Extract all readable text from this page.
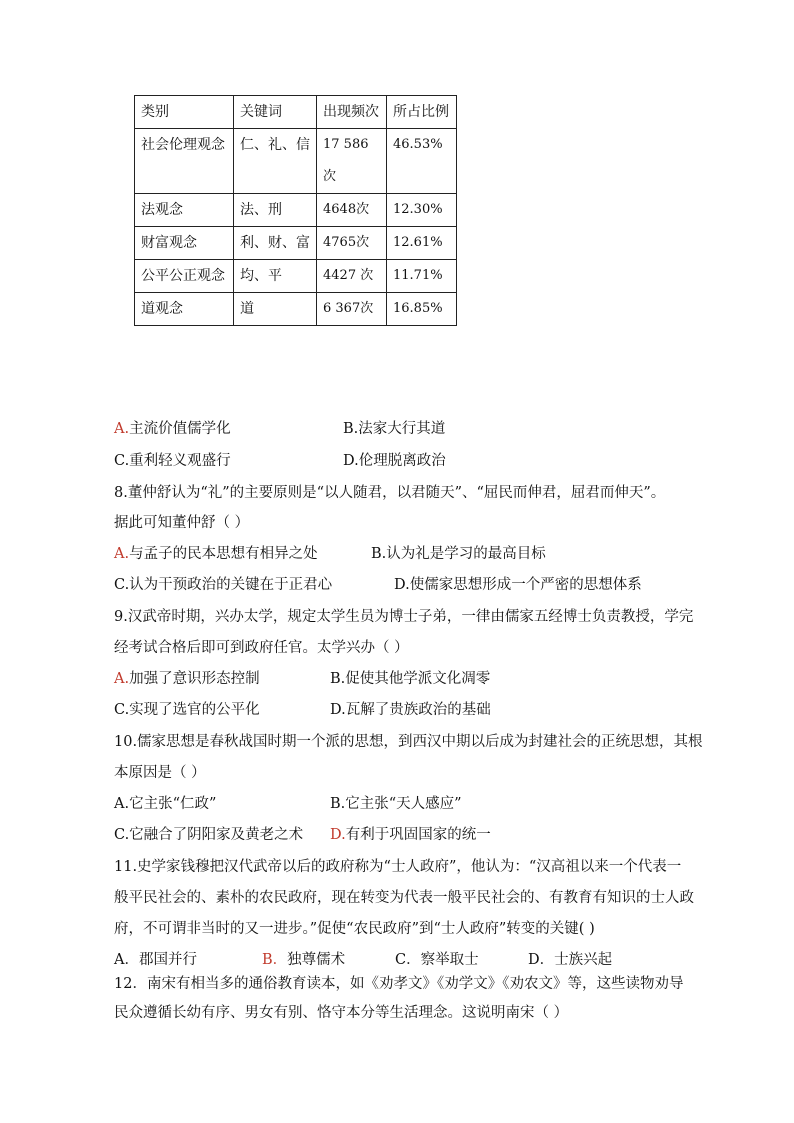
类别	关键词	出现频次	所占比例
社会伦理观念	仁、礼、信	17 586次	46.53%
法观念	法、刑	4648次	12.30%
财富观念	利、财、富	4765次	12.61%
公平公正观念	均、平	4427 次	11.71%
道观念	道	6 367次	16.85%
A.主流价值儒学化	B.法家大行其道
C.重利轻义观盛行	D.伦理脱离政治
8.董仲舒认为“礼”的主要原则是“以人随君，以君随天”、“屈民而伸君，屈君而伸天”。
据此可知董仲舒（ ）
A.与孟子的民本思想有相异之处	B.认为礼是学习的最高目标
C.认为干预政治的关键在于正君心	D.使儒家思想形成一个严密的思想体系
9.汉武帝时期，兴办太学，规定太学生员为博士子弟，一律由儒家五经博士负责教授，学完
经考试合格后即可到政府任官。太学兴办（ ）
A.加强了意识形态控制	B.促使其他学派文化凋零
C.实现了选官的公平化	D.瓦解了贵族政治的基础
10.儒家思想是春秋战国时期一个派的思想，到西汉中期以后成为封建社会的正统思想，其根
本原因是（ ）
A.它主张“仁政”	B.它主张“天人感应”
C.它融合了阴阳家及黄老之术 D.有利于巩固国家的统一
11.史学家钱穆把汉代武帝以后的政府称为“士人政府”，他认为：“汉高祖以来一个代表一
般平民社会的、素朴的农民政府，现在转变为代表一般平民社会的、有教育有知识的士人政
府，不可谓非当时的又一进步。”促使“农民政府”到“士人政府”转变的关键( )
A．郡国并行	B．独尊儒术	C．察举取士	D．士族兴起
12．南宋有相当多的通俗教育读本，如《劝孝文》《劝学文》《劝农文》等，这些读物劝导
民众遵循长幼有序、男女有别、恪守本分等生活理念。这说明南宋（ ）
